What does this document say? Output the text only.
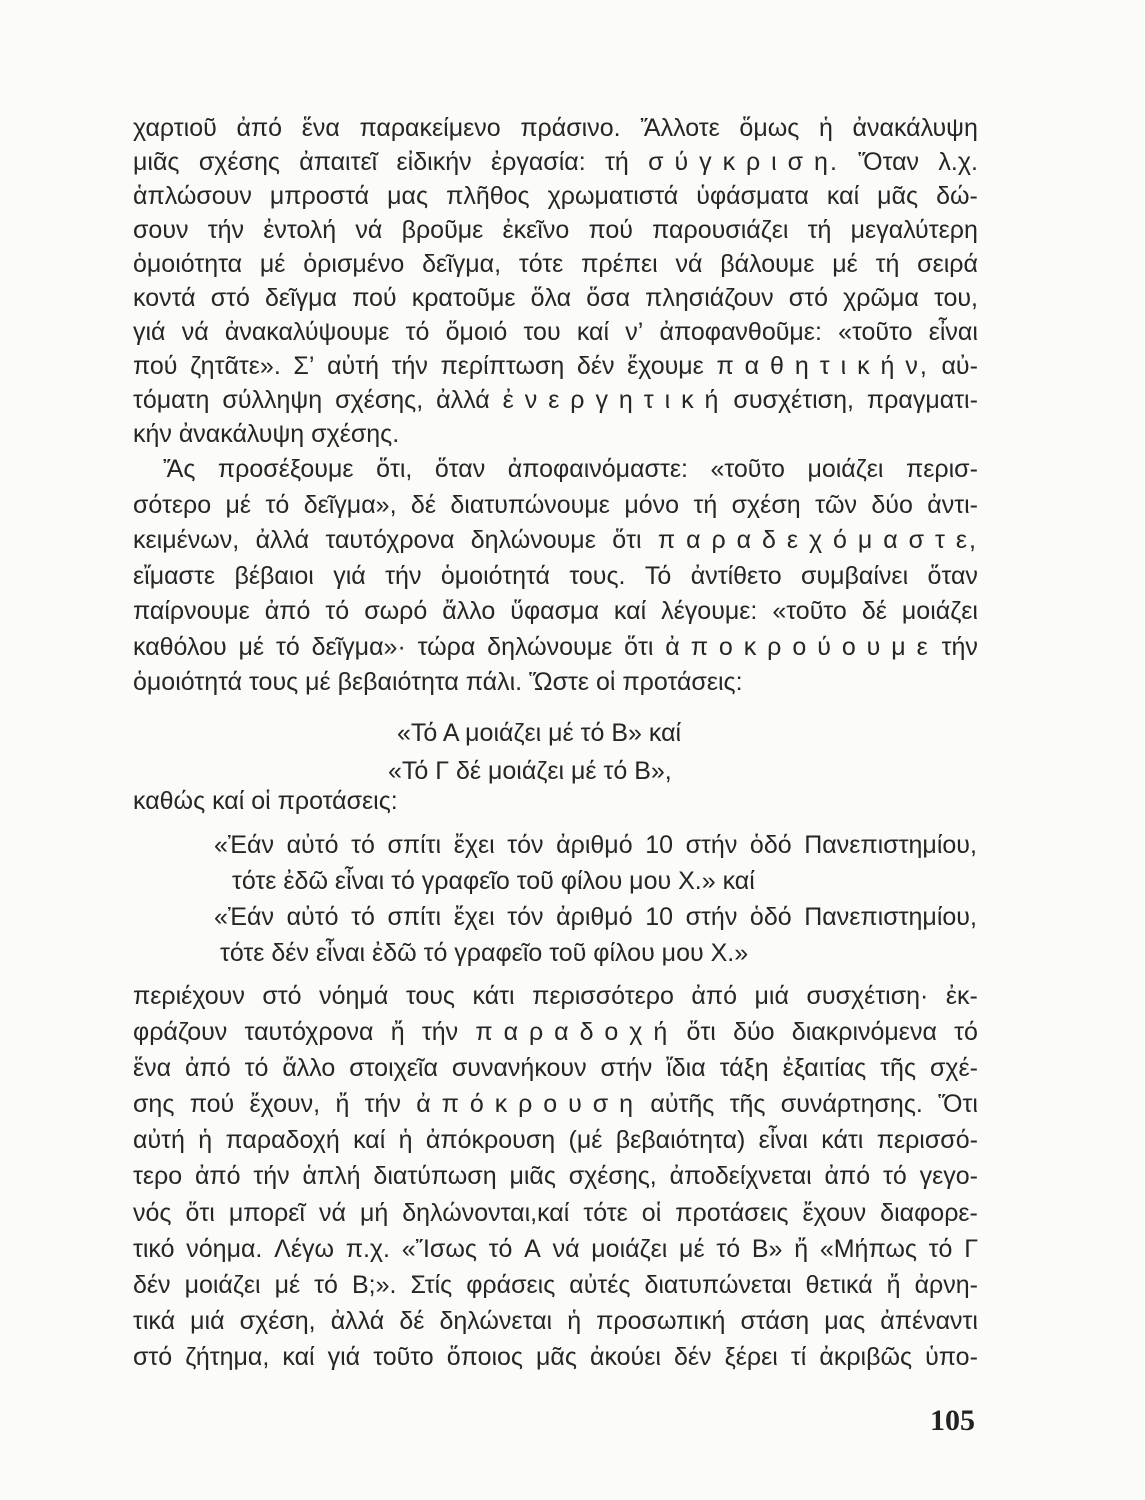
χαρτιοῦ ἀπό ἕνα παρακείμενο πράσινο. Ἄλλοτε ὅμως ἡ ἀνακάλυψη
μιᾶς σχέσης ἀπαιτεῖ εἰδικήν ἐργασία: τή σ ύ γ κ ρ ι σ η. Ὅταν λ.χ.
ἁπλώσουν μπροστά μας πλῆθος χρωματιστά ὑφάσματα καί μᾶς δώ-
σουν τήν ἐντολή νά βροῦμε ἐκεῖνο πού παρουσιάζει τή μεγαλύτερη
ὁμοιότητα μέ ὁρισμένο δεῖγμα, τότε πρέπει νά βάλουμε μέ τή σειρά
κοντά στό δεῖγμα πού κρατοῦμε ὅλα ὅσα πλησιάζουν στό χρῶμα του,
γιά νά ἀνακαλύψουμε τό ὅμοιό του καί ν’ ἀποφανθοῦμε: «τοῦτο εἶναι
πού ζητᾶτε». Σ’ αὐτή τήν περίπτωση δέν ἔχουμε π α θ η τ ι κ ή ν, αὐ-
τόματη σύλληψη σχέσης, ἀλλά ἐ ν ε ρ γ η τ ι κ ή συσχέτιση, πραγματι-
κήν ἀνακάλυψη σχέσης.
Ἄς προσέξουμε ὅτι, ὅταν ἀποφαινόμαστε: «τοῦτο μοιάζει περισ-
σότερο μέ τό δεῖγμα», δέ διατυπώνουμε μόνο τή σχέση τῶν δύο ἀντι-
κειμένων, ἀλλά ταυτόχρονα δηλώνουμε ὅτι π α ρ α δ ε χ ό μ α σ τ ε,
εἴμαστε βέβαιοι γιά τήν ὁμοιότητά τους. Τό ἀντίθετο συμβαίνει ὅταν
παίρνουμε ἀπό τό σωρό ἄλλο ὕφασμα καί λέγουμε: «τοῦτο δέ μοιάζει
καθόλου μέ τό δεῖγμα»· τώρα δηλώνουμε ὅτι ἀ π ο κ ρ ο ύ ο υ μ ε τήν
ὁμοιότητά τους μέ βεβαιότητα πάλι. Ὥστε οἱ προτάσεις:
«Τό Α μοιάζει μέ τό Β» καί
«Τό Γ δέ μοιάζει μέ τό Β»,
καθώς καί οἱ προτάσεις:
«Ἐάν αὐτό τό σπίτι ἔχει τόν ἀριθμό 10 στήν ὁδό Πανεπιστημίου,
τότε ἐδῶ εἶναι τό γραφεῖο τοῦ φίλου μου Χ.» καί
«Ἐάν αὐτό τό σπίτι ἔχει τόν ἀριθμό 10 στήν ὁδό Πανεπιστημίου,
τότε δέν εἶναι ἐδῶ τό γραφεῖο τοῦ φίλου μου Χ.»
περιέχουν στό νόημά τους κάτι περισσότερο ἀπό μιά συσχέτιση· ἐκ-
φράζουν ταυτόχρονα ἤ τήν π α ρ α δ ο χ ή ὅτι δύο διακρινόμενα τό
ἕνα ἀπό τό ἄλλο στοιχεῖα συνανήκουν στήν ἴδια τάξη ἐξαιτίας τῆς σχέ-
σης πού ἔχουν, ἤ τήν ἀ π ό κ ρ ο υ σ η αὐτῆς τῆς συνάρτησης. Ὅτι
αὐτή ἡ παραδοχή καί ἡ ἀπόκρουση (μέ βεβαιότητα) εἶναι κάτι περισσό-
τερο ἀπό τήν ἁπλή διατύπωση μιᾶς σχέσης, ἀποδείχνεται ἀπό τό γεγο-
νός ὅτι μπορεῖ νά μή δηλώνονται,καί τότε οἱ προτάσεις ἔχουν διαφορε-
τικό νόημα. Λέγω π.χ. «Ἴσως τό Α νά μοιάζει μέ τό Β» ἤ «Μήπως τό Γ
δέν μοιάζει μέ τό Β;». Στίς φράσεις αὐτές διατυπώνεται θετικά ἤ ἀρνη-
τικά μιά σχέση, ἀλλά δέ δηλώνεται ἡ προσωπική στάση μας ἀπέναντι
στό ζήτημα, καί γιά τοῦτο ὅποιος μᾶς ἀκούει δέν ξέρει τί ἀκριβῶς ὑπο-
105
